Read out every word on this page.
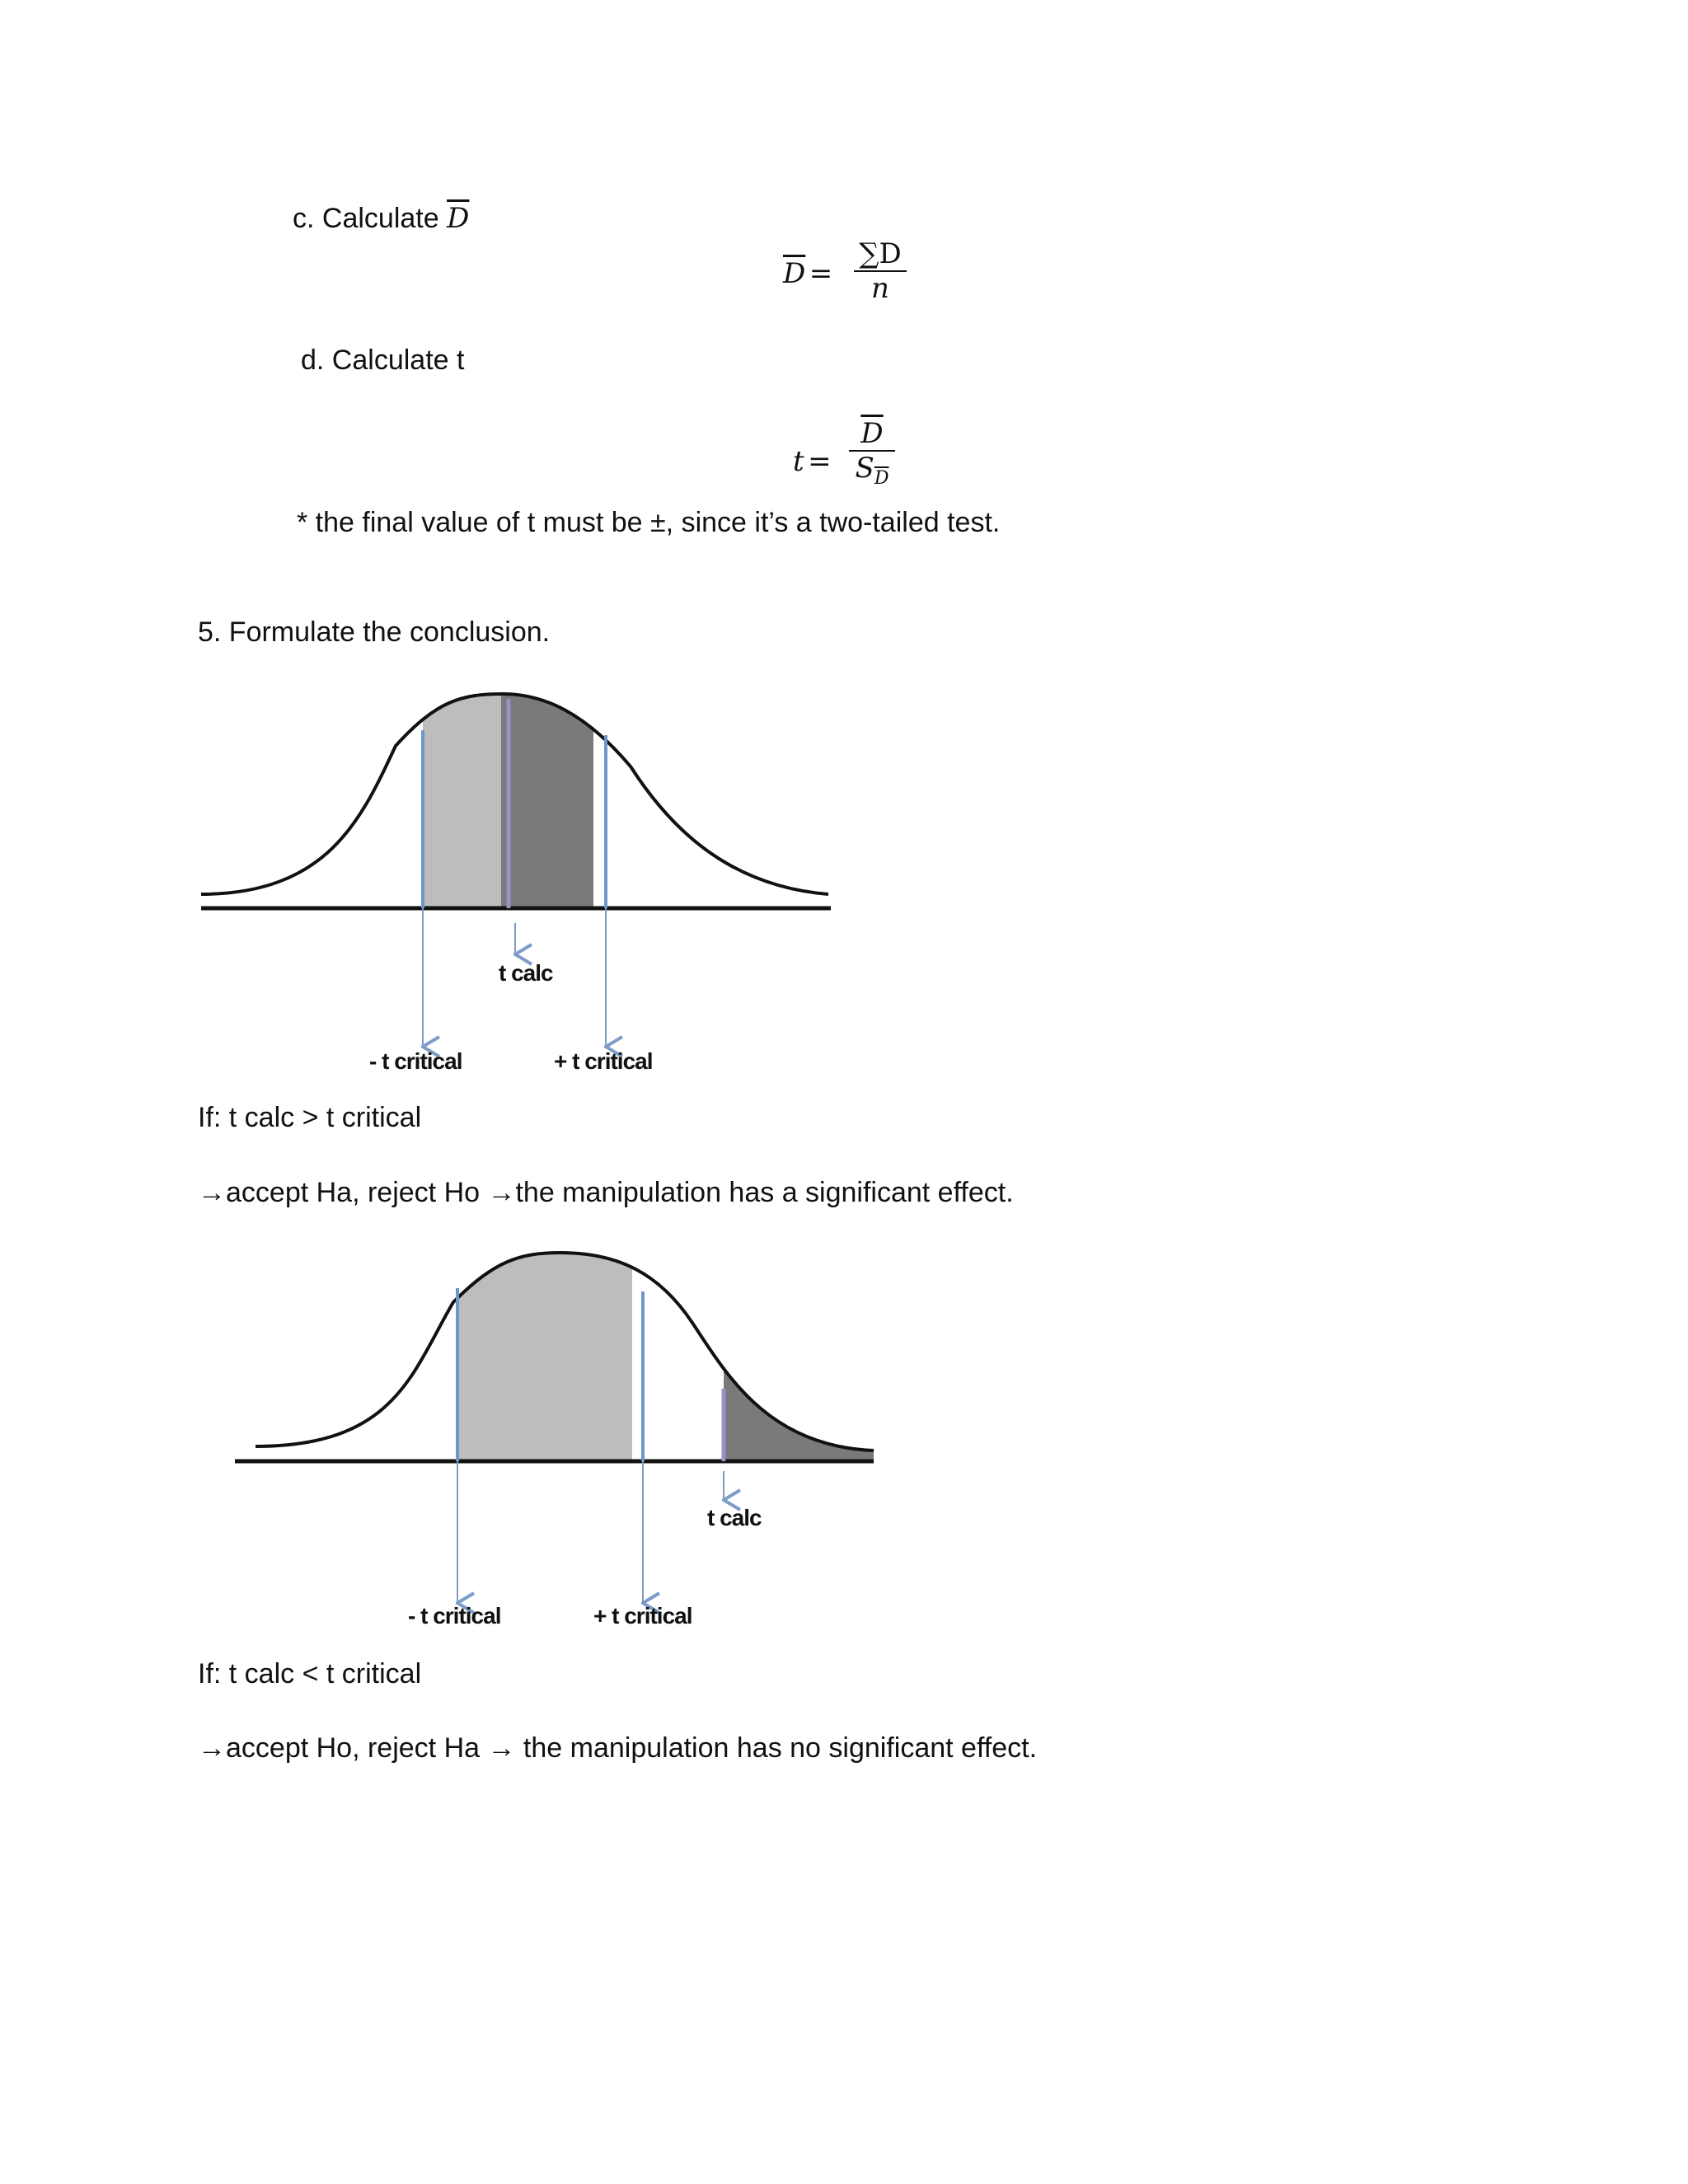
c. Calculate $\overline{D}$
$\overline{D}$ =
∑D
n
d. Calculate t
t =
$\overline{D}$
$S_{\overline{D}}$
* the final value of t must be ±, since it’s a two-tailed test.
5. Formulate the conclusion.
t calc
- t critical	+ t critical
If: t calc > t critical
→accept Ha, reject Ho →the manipulation has a significant effect.
t calc
- t critical	+ t critical
If: t calc < t critical
→accept Ho, reject Ha → the manipulation has no significant effect.
